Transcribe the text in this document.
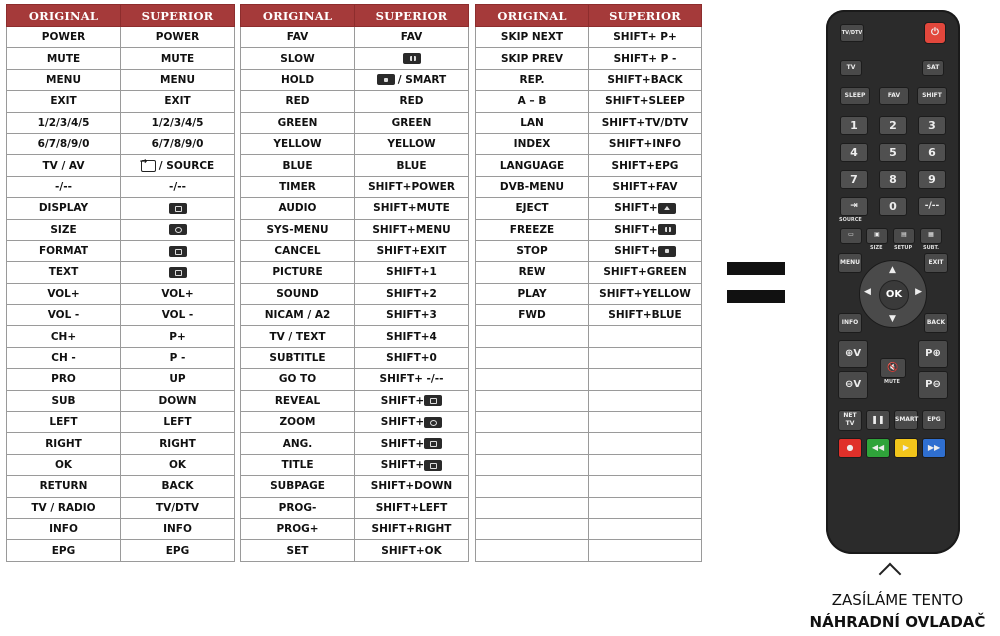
ORIGINAL	SUPERIOR
POWER	POWER
MUTE	MUTE
MENU	MENU
EXIT	EXIT
1/2/3/4/5	1/2/3/4/5
6/7/8/9/0	6/7/8/9/0
TV / AV	→/ SOURCE
-/--	-/--
DISPLAY	
SIZE	
FORMAT	
TEXT	
VOL+	VOL+
VOL -	VOL -
CH+	P+
CH -	P -
PRO	UP
SUB	DOWN
LEFT	LEFT
RIGHT	RIGHT
OK	OK
RETURN	BACK
TV / RADIO	TV/DTV
INFO	INFO
EPG	EPG
ORIGINAL	SUPERIOR
FAV	FAV
SLOW	
HOLD	/ SMART
RED	RED
GREEN	GREEN
YELLOW	YELLOW
BLUE	BLUE
TIMER	SHIFT+POWER
AUDIO	SHIFT+MUTE
SYS-MENU	SHIFT+MENU
CANCEL	SHIFT+EXIT
PICTURE	SHIFT+1
SOUND	SHIFT+2
NICAM / A2	SHIFT+3
TV / TEXT	SHIFT+4
SUBTITLE	SHIFT+0
GO TO	SHIFT+ -/--
REVEAL	SHIFT+
ZOOM	SHIFT+
ANG.	SHIFT+
TITLE	SHIFT+
SUBPAGE	SHIFT+DOWN
PROG-	SHIFT+LEFT
PROG+	SHIFT+RIGHT
SET	SHIFT+OK
ORIGINAL	SUPERIOR
SKIP NEXT	SHIFT+ P+
SKIP PREV	SHIFT+ P -
REP.	SHIFT+BACK
A – B	SHIFT+SLEEP
LAN	SHIFT+TV/DTV
INDEX	SHIFT+INFO
LANGUAGE	SHIFT+EPG
DVB-MENU	SHIFT+FAV
EJECT	SHIFT+
FREEZE	SHIFT+
STOP	SHIFT+
REW	SHIFT+GREEN
PLAY	SHIFT+YELLOW
FWD	SHIFT+BLUE

TV/DTV	⏻
TV	SAT
SLEEP	FAV	SHIFT
1	2	3
4	5	6
7	8	9
⇥	0	-/--
SOURCE
▭	▣	▤	▦
SIZE SETUP SUBT.
MENU	EXIT
▲
▼
◀	▶
OK
INFO	BACK
⊕V
⊖V
P⊕
P⊖
🔇
MUTE
NET TV	❚❚	SMART	EPG
●	◀◀	▶	▶▶
ZASÍLÁME TENTO
NÁHRADNÍ OVLADAČ
